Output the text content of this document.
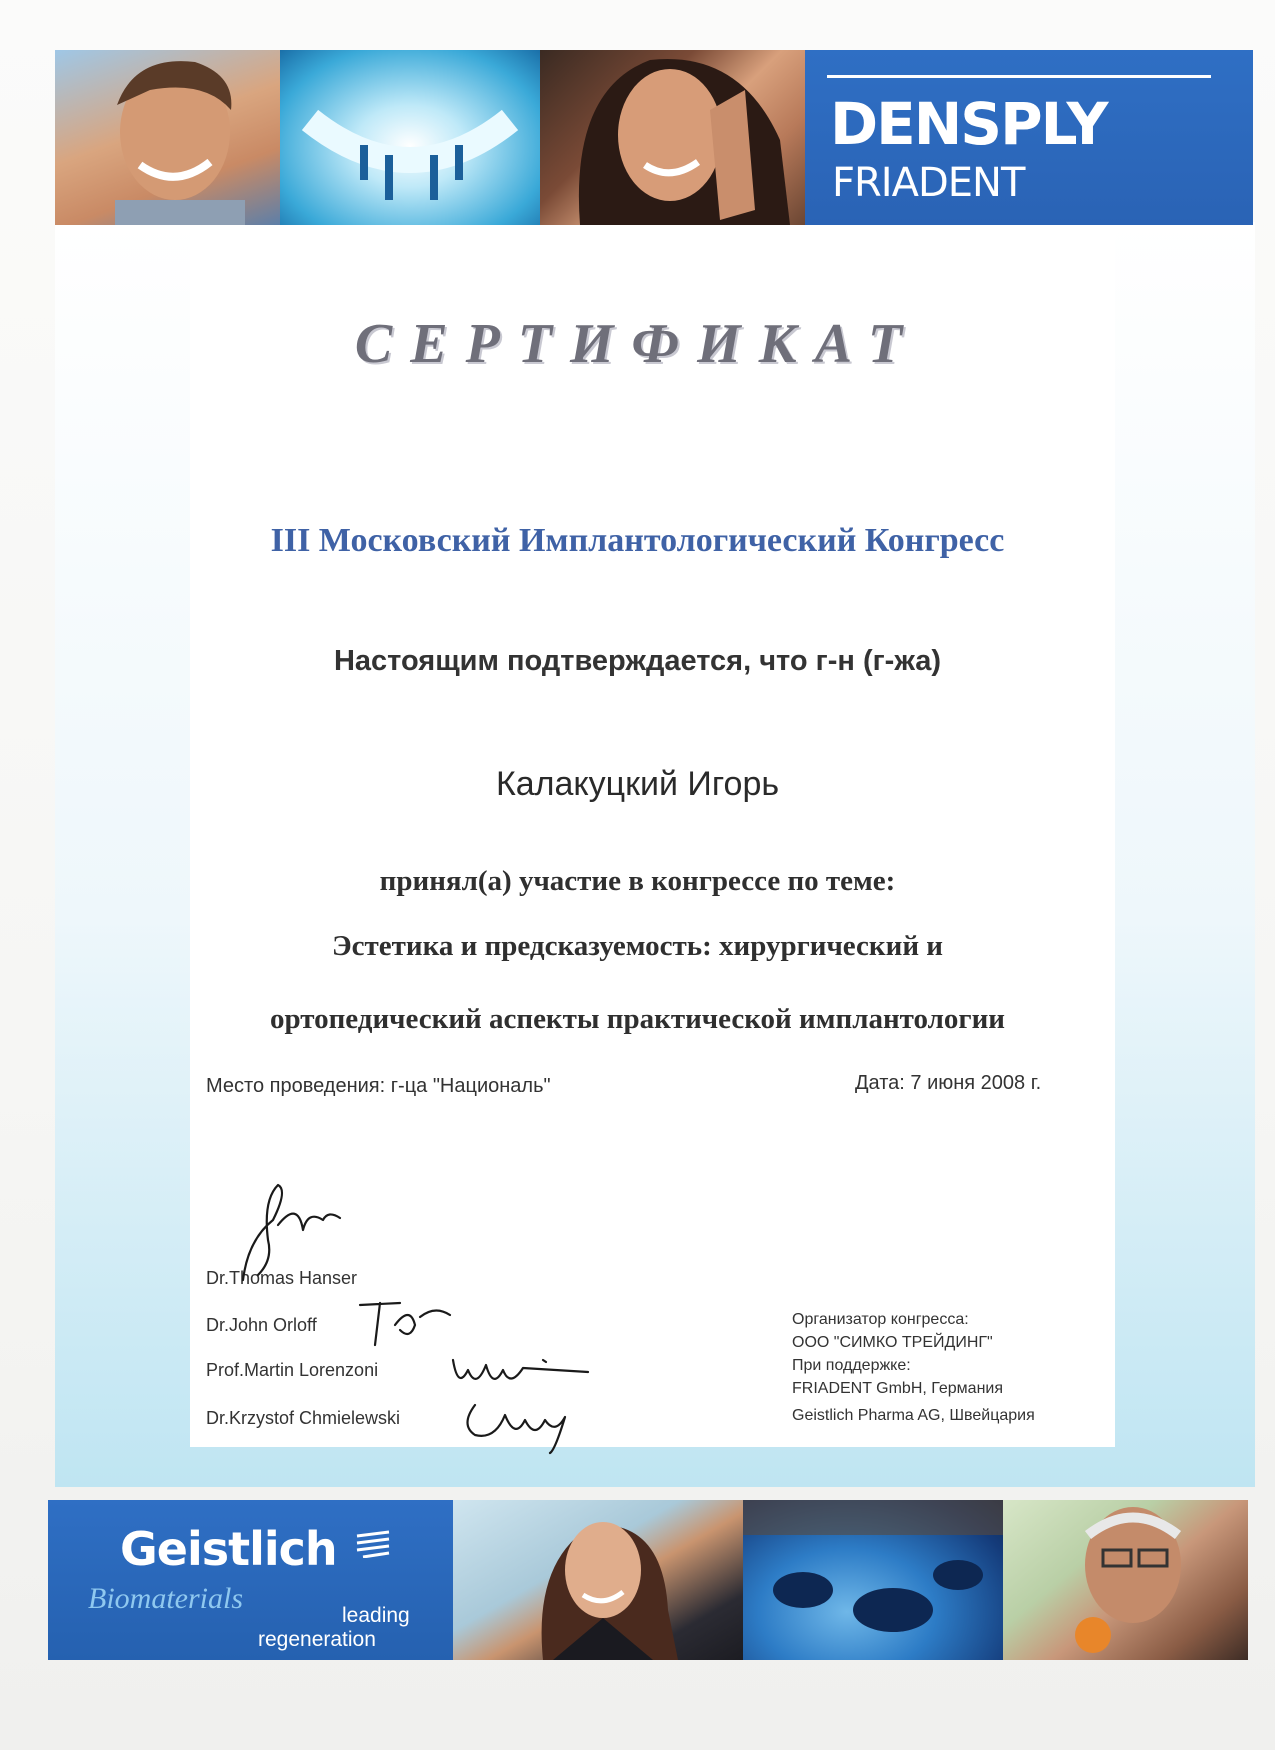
DENSPLY
FRIADENT
СЕРТИФИКАТ
III Московский Имплантологический Конгресс
Настоящим подтверждается, что г-н (г-жа)
Калакуцкий Игорь
принял(а) участие в конгрессе по теме:
Эстетика и предсказуемость: хирургический и
ортопедический аспекты практической имплантологии
Место проведения: г-ца "Националь"	Дата: 7 июня 2008 г.
Dr.Thomas Hanser
Dr.John Orloff
Prof.Martin Lorenzoni
Dr.Krzystof Chmielewski
Организатор конгресса:
ООО "СИМКО ТРЕЙДИНГ"
При поддержке:
FRIADENT GmbH, Германия
Geistlich Pharma AG, Швейцария
Geistlich
Biomaterials
leading
regeneration
